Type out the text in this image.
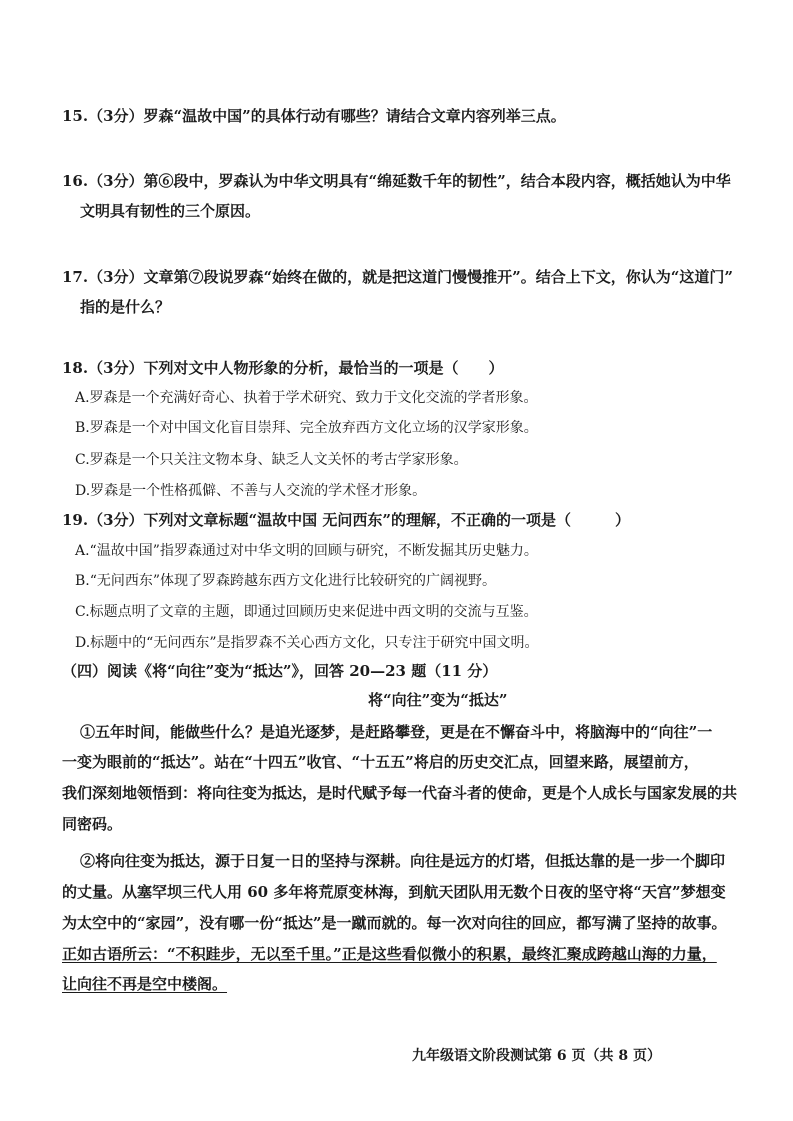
15.（3分）罗森“温故中国”的具体行动有哪些？请结合文章内容列举三点。
16.（3分）第⑥段中，罗森认为中华文明具有“绵延数千年的韧性”，结合本段内容，概括她认为中华
文明具有韧性的三个原因。
17.（3分）文章第⑦段说罗森“始终在做的，就是把这道门慢慢推开”。结合上下文，你认为“这道门”
指的是什么？
18.（3分）下列对文中人物形象的分析，最恰当的一项是（ ）
A.罗森是一个充满好奇心、执着于学术研究、致力于文化交流的学者形象。
B.罗森是一个对中国文化盲目崇拜、完全放弃西方文化立场的汉学家形象。
C.罗森是一个只关注文物本身、缺乏人文关怀的考古学家形象。
D.罗森是一个性格孤僻、不善与人交流的学术怪才形象。
19.（3分）下列对文章标题“温故中国 无问西东”的理解，不正确的一项是（	）
A.“温故中国”指罗森通过对中华文明的回顾与研究，不断发掘其历史魅力。
B.“无问西东”体现了罗森跨越东西方文化进行比较研究的广阔视野。
C.标题点明了文章的主题，即通过回顾历史来促进中西文明的交流与互鉴。
D.标题中的“无问西东”是指罗森不关心西方文化，只专注于研究中国文明。
（四）阅读《将“向往”变为“抵达”》，回答 20—23 题（11 分）
将“向往”变为“抵达”
①五年时间，能做些什么？是追光逐梦，是赶路攀登，更是在不懈奋斗中，将脑海中的“向往”一
一变为眼前的“抵达”。站在“十四五”收官、“十五五”将启的历史交汇点，回望来路，展望前方，
我们深刻地领悟到：将向往变为抵达，是时代赋予每一代奋斗者的使命，更是个人成长与国家发展的共
同密码。
②将向往变为抵达，源于日复一日的坚持与深耕。向往是远方的灯塔，但抵达靠的是一步一个脚印
的丈量。从塞罕坝三代人用 60 多年将荒原变林海，到航天团队用无数个日夜的坚守将“天宫”梦想变
为太空中的“家园”，没有哪一份“抵达”是一蹴而就的。每一次对向往的回应，都写满了坚持的故事。
正如古语所云：“不积跬步，无以至千里。”正是这些看似微小的积累，最终汇聚成跨越山海的力量，
让向往不再是空中楼阁。
九年级语文阶段测试第 6 页（共 8 页）
